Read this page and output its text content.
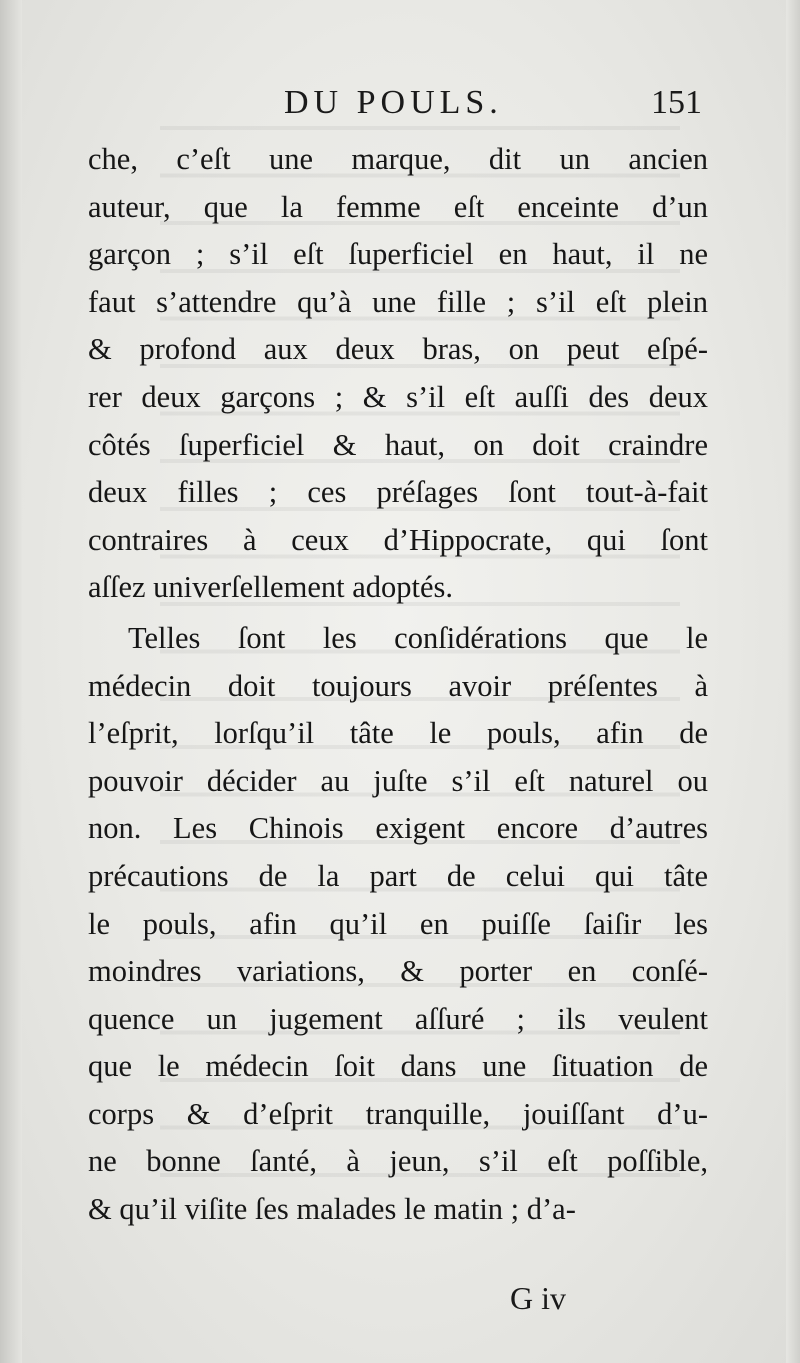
DU POULS.	151
che, c’eſt une marque, dit un ancien
auteur, que la femme eſt enceinte d’un
garçon ; s’il eſt ſuperficiel en haut, il ne
faut s’attendre qu’à une fille ; s’il eſt plein
& profond aux deux bras, on peut eſpé-
rer deux garçons ; & s’il eſt auſſi des deux
côtés ſuperficiel & haut, on doit craindre
deux filles ; ces préſages ſont tout-à-fait
contraires à ceux d’Hippocrate, qui ſont
aſſez univerſellement adoptés.
Telles ſont les conſidérations que le
médecin doit toujours avoir préſentes à
l’eſprit, lorſqu’il tâte le pouls, afin de
pouvoir décider au juſte s’il eſt naturel ou
non. Les Chinois exigent encore d’autres
précautions de la part de celui qui tâte
le pouls, afin qu’il en puiſſe ſaiſir les
moindres variations, & porter en conſé-
quence un jugement aſſuré ; ils veulent
que le médecin ſoit dans une ſituation de
corps & d’eſprit tranquille, jouiſſant d’u-
ne bonne ſanté, à jeun, s’il eſt poſſible,
& qu’il viſite ſes malades le matin ; d’a-
G iv
